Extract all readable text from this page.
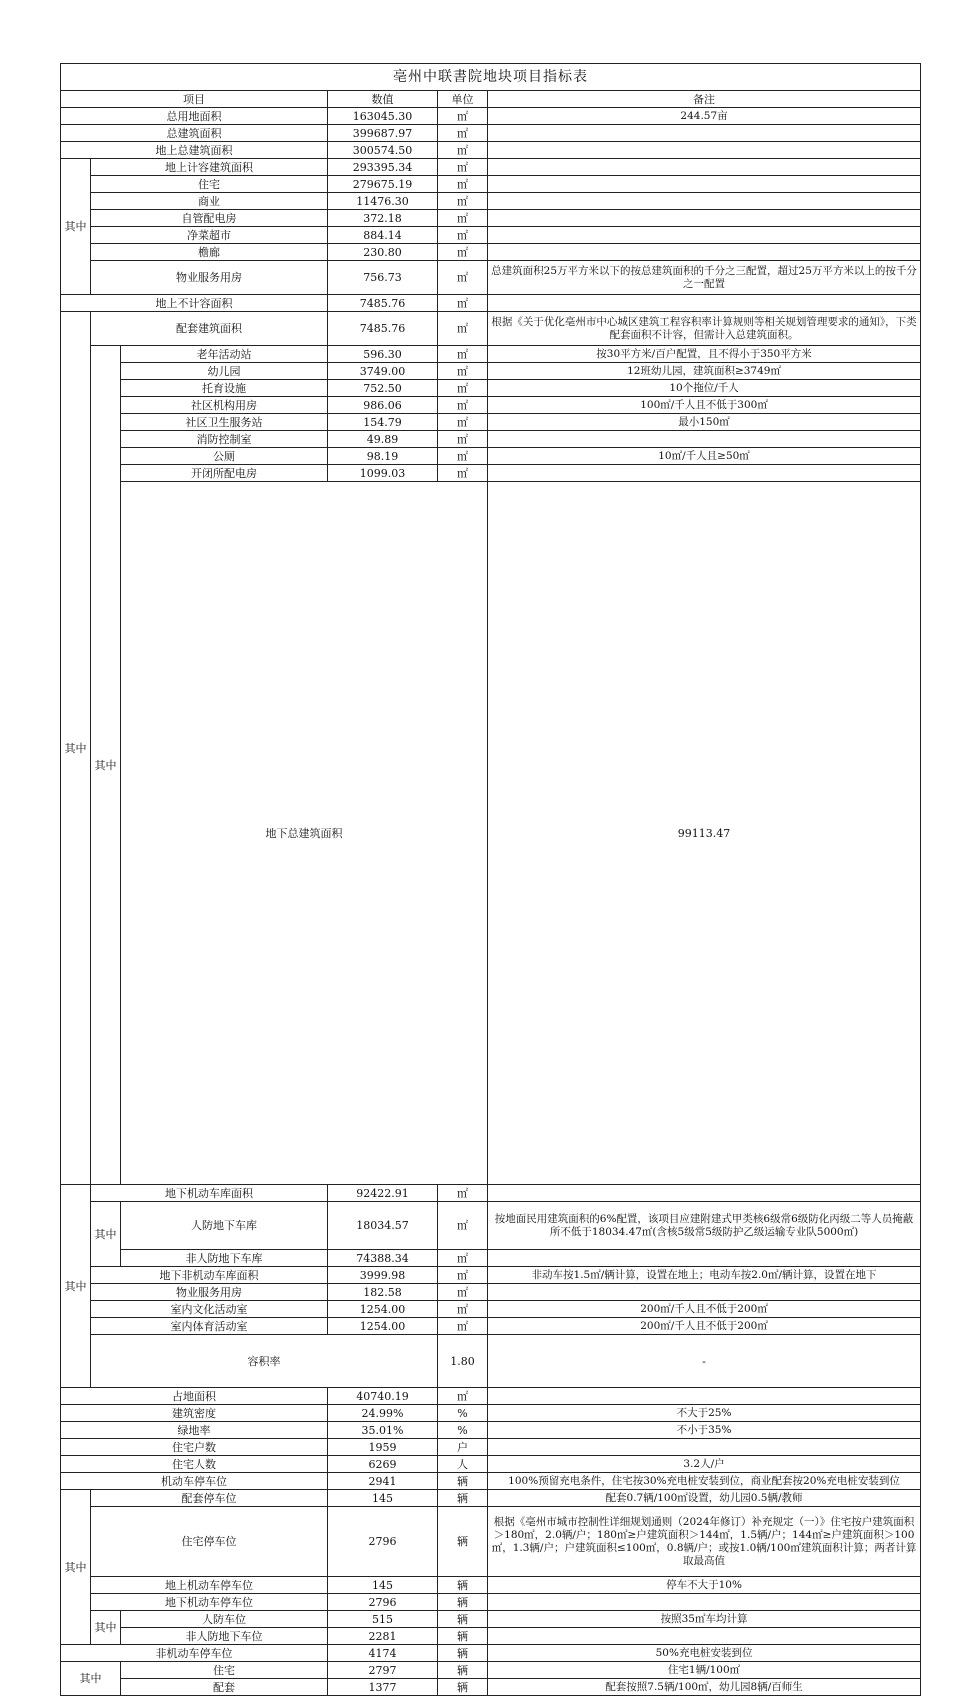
亳州中联書院地块项目指标表						
项目			数值	单位	备注	
总用地面积			163045.30	㎡	244.57亩	
总建筑面积			399687.97	㎡		
地上总建筑面积			300574.50	㎡		
其中	地上计容建筑面积		293395.34	㎡		
	住宅		279675.19	㎡		
	商业		11476.30	㎡		
	自管配电房		372.18	㎡		
	净菜超市		884.14	㎡		
	檐廊		230.80	㎡		
	物业服务用房		756.73	㎡	总建筑面积25万平方米以下的按总建筑面积的千分之三配置，超过25万平方米以上的按千分之一配置	
地上不计容面积			7485.76	㎡		
其中	配套建筑面积		7485.76	㎡	根据《关于优化亳州市中心城区建筑工程容积率计算规则等相关规划管理要求的通知》，下类配套面积不计容，但需计入总建筑面积。	
	其中	老年活动站	596.30	㎡	按30平方米/百户配置，且不得小于350平方米	
		幼儿园	3749.00	㎡	12班幼儿园，建筑面积≥3749㎡	
		托育设施	752.50	㎡	10个拖位/千人	
		社区机构用房	986.06	㎡	100㎡/千人且不低于300㎡	
		社区卫生服务站	154.79	㎡	最小150㎡	
		消防控制室	49.89	㎡		
		公厕	98.19	㎡	10㎡/千人且≥50㎡	
		开闭所配电房	1099.03	㎡		
		地下总建筑面积			99113.47		
其中	地下机动车库面积		92422.91	㎡		
	其中	人防地下车库	18034.57	㎡	按地面民用建筑面积的6%配置，该项目应建附建式甲类核6级常6级防化丙级二等人员掩蔽所不低于18034.47㎡(含核5级常5级防护乙级运输专业队5000㎡)	
		非人防地下车库	74388.34	㎡		
	地下非机动车库面积		3999.98	㎡	非动车按1.5㎡/辆计算，设置在地上；电动车按2.0㎡/辆计算，设置在地下	
	物业服务用房		182.58	㎡		
	室内文化活动室		1254.00	㎡	200㎡/千人且不低于200㎡	
	室内体育活动室		1254.00	㎡	200㎡/千人且不低于200㎡	
	容积率			1.80	-	
占地面积			40740.19	㎡		
建筑密度			24.99%	%	不大于25%	
绿地率			35.01%	%	不小于35%	
住宅户数			1959	户		
住宅人数			6269	人	3.2人/户	
机动车停车位			2941	辆	100%预留充电条件，住宅按30%充电桩安装到位，商业配套按20%充电桩安装到位	
其中	配套停车位		145	辆	配套0.7辆/100㎡设置，幼儿园0.5辆/教师	
	住宅停车位		2796	辆	根据《亳州市城市控制性详细规划通则（2024年修订）补充规定（一）》住宅按户建筑面积＞180㎡，2.0辆/户；180㎡≥户建筑面积＞144㎡，1.5辆/户；144㎡≥户建筑面积＞100㎡，1.3辆/户；户建筑面积≤100㎡，0.8辆/户；或按1.0辆/100㎡建筑面积计算；两者计算取最高值	
	地上机动车停车位		145	辆	停车不大于10%	
	地下机动车停车位		2796	辆		
	其中	人防车位	515	辆	按照35㎡车均计算	
		非人防地下车位	2281	辆		
非机动车停车位			4174	辆	50%充电桩安装到位	
其中		住宅	2797	辆	住宅1辆/100㎡	
		配套	1377	辆	配套按照7.5辆/100㎡，幼儿园8辆/百师生	
